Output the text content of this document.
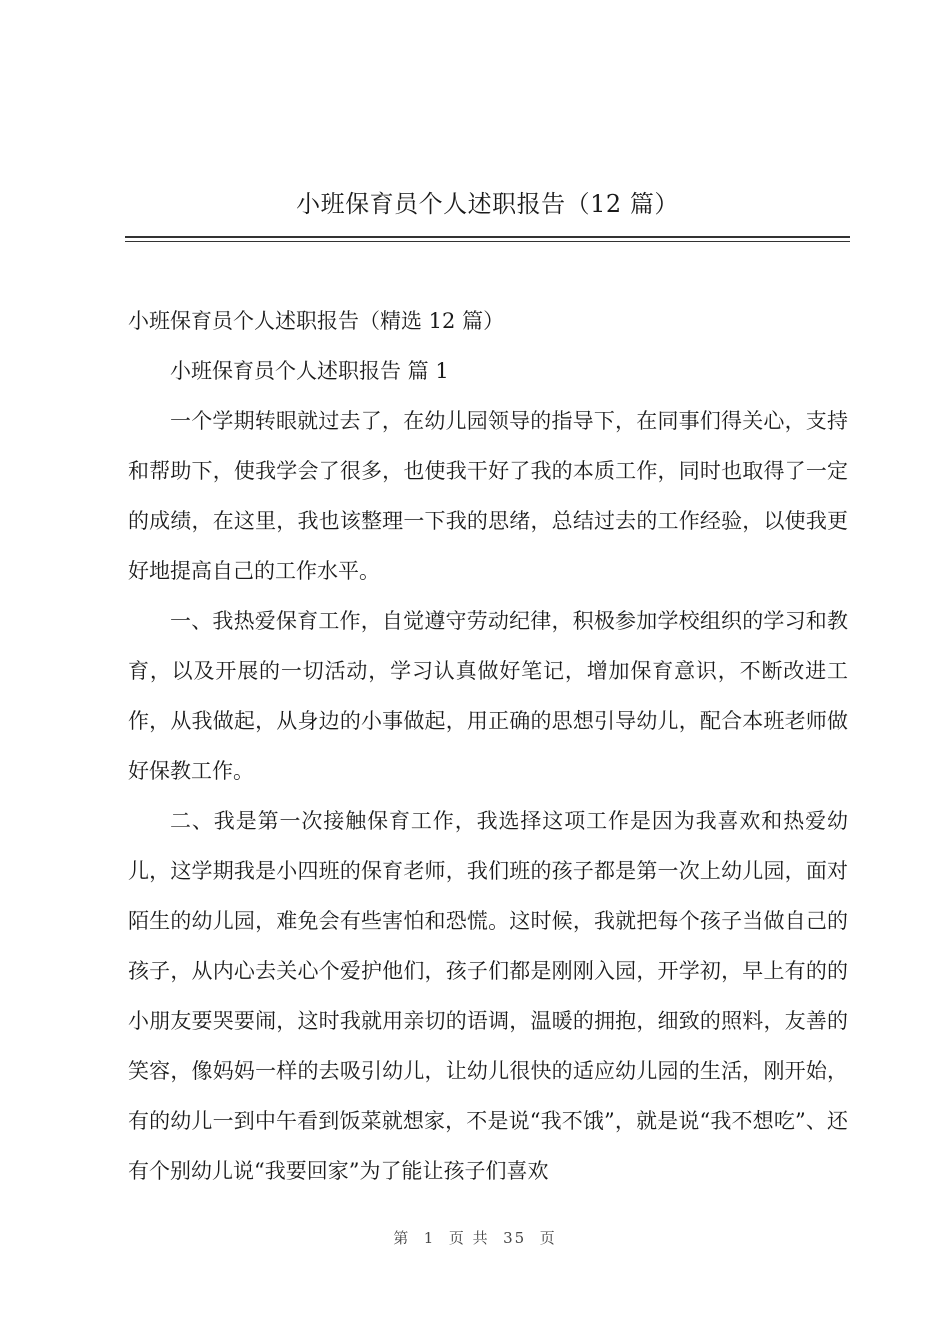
小班保育员个人述职报告（12 篇）

小班保育员个人述职报告（精选 12 篇）

小班保育员个人述职报告 篇 1

一个学期转眼就过去了，在幼儿园领导的指导下，在同事们得关心，支持和帮助下，使我学会了很多，也使我干好了我的本质工作，同时也取得了一定的成绩，在这里，我也该整理一下我的思绪，总结过去的工作经验，以使我更好地提高自己的工作水平。

一、我热爱保育工作，自觉遵守劳动纪律，积极参加学校组织的学习和教育，以及开展的一切活动，学习认真做好笔记，增加保育意识，不断改进工作，从我做起，从身边的小事做起，用正确的思想引导幼儿，配合本班老师做好保教工作。

二、我是第一次接触保育工作，我选择这项工作是因为我喜欢和热爱幼儿，这学期我是小四班的保育老师，我们班的孩子都是第一次上幼儿园，面对陌生的幼儿园，难免会有些害怕和恐慌。这时候，我就把每个孩子当做自己的孩子，从内心去关心个爱护他们，孩子们都是刚刚入园，开学初，早上有的的小朋友要哭要闹，这时我就用亲切的语调，温暖的拥抱，细致的照料，友善的笑容，像妈妈一样的去吸引幼儿，让幼儿很快的适应幼儿园的生活，刚开始，有的幼儿一到中午看到饭菜就想家，不是说“我不饿”，就是说“我不想吃”、还有个别幼儿说“我要回家”为了能让孩子们喜欢

第  1  页 共  35  页
